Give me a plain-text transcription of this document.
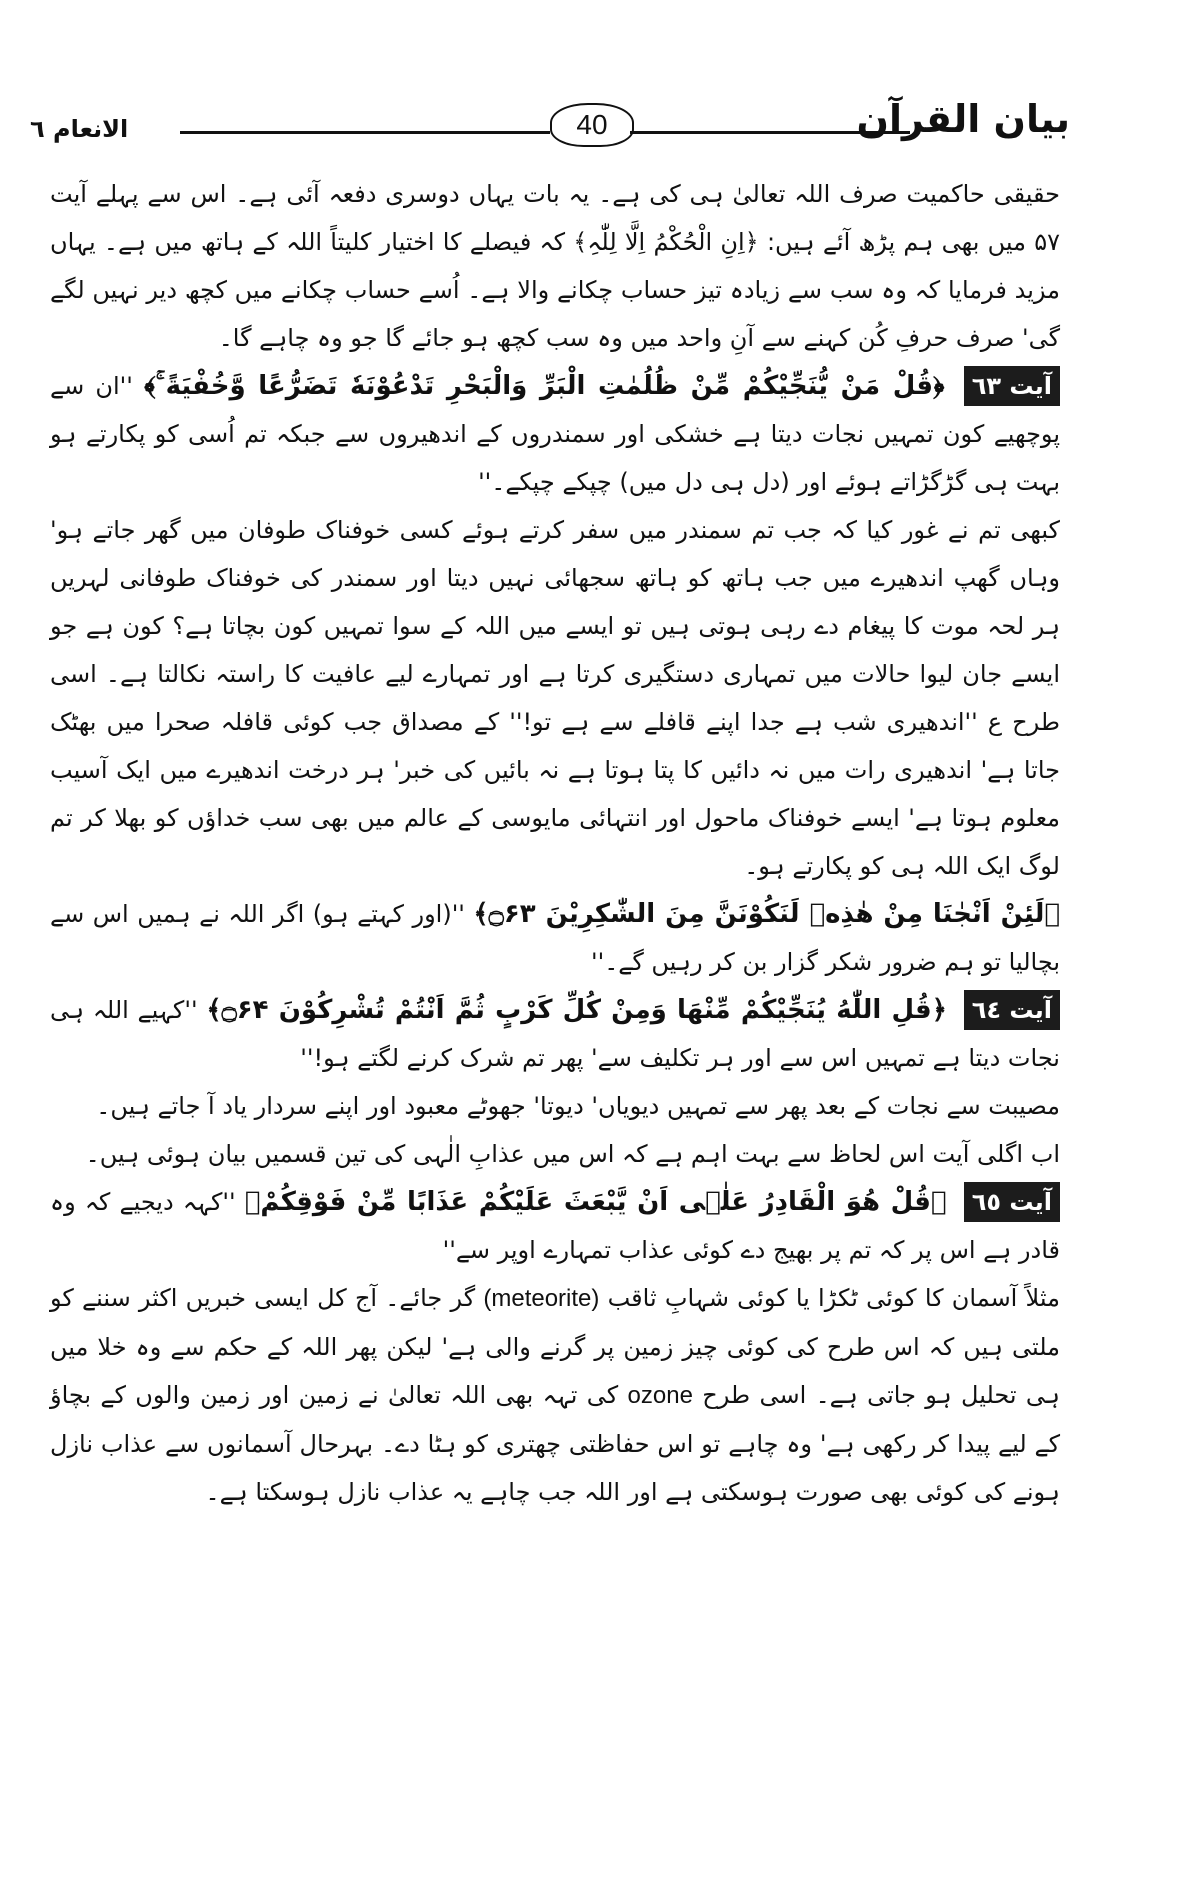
الانعام ٦	40	بیان القرآن

حقیقی حاکمیت صرف اللہ تعالیٰ ہی کی ہے۔ یہ بات یہاں دوسری دفعہ آئی ہے۔ اس سے پہلے آیت ۵۷ میں بھی ہم پڑھ آئے ہیں: ﴿اِنِ الْحُکْمُ اِلَّا لِلّٰہِ﴾ کہ فیصلے کا اختیار کلیتاً اللہ کے ہاتھ میں ہے۔ یہاں مزید فرمایا کہ وہ سب سے زیادہ تیز حساب چکانے والا ہے۔ اُسے حساب چکانے میں کچھ دیر نہیں لگے گی' صرف حرفِ کُن کہنے سے آنِ واحد میں وہ سب کچھ ہو جائے گا جو وہ چاہے گا۔

آیت ٦٣ ﴿قُلْ مَنْ یُّنَجِّیْکُمْ مِّنْ ظُلُمٰتِ الْبَرِّ وَالْبَحْرِ تَدْعُوْنَهٗ تَضَرُّعًا وَّخُفْیَةً ۚ﴾ ''ان سے پوچھیے کون تمہیں نجات دیتا ہے خشکی اور سمندروں کے اندھیروں سے جبکہ تم اُسی کو پکارتے ہو بہت ہی گڑگڑاتے ہوئے اور (دل ہی دل میں) چپکے چپکے۔''

کبھی تم نے غور کیا کہ جب تم سمندر میں سفر کرتے ہوئے کسی خوفناک طوفان میں گھر جاتے ہو' وہاں گھپ اندھیرے میں جب ہاتھ کو ہاتھ سجھائی نہیں دیتا اور سمندر کی خوفناک طوفانی لہریں ہر لحہ موت کا پیغام دے رہی ہوتی ہیں تو ایسے میں اللہ کے سوا تمہیں کون بچاتا ہے؟ کون ہے جو ایسے جان لیوا حالات میں تمہاری دستگیری کرتا ہے اور تمہارے لیے عافیت کا راستہ نکالتا ہے۔ اسی طرح ع ''اندھیری شب ہے جدا اپنے قافلے سے ہے تو!'' کے مصداق جب کوئی قافلہ صحرا میں بھٹک جاتا ہے' اندھیری رات میں نہ دائیں کا پتا ہوتا ہے نہ بائیں کی خبر' ہر درخت اندھیرے میں ایک آسیب معلوم ہوتا ہے' ایسے خوفناک ماحول اور انتہائی مایوسی کے عالم میں بھی سب خداؤں کو بھلا کر تم لوگ ایک اللہ ہی کو پکارتے ہو۔

﴿لَئِنْ اَنْجٰنَا مِنْ هٰذِهٖ لَنَکُوْنَنَّ مِنَ الشّٰکِرِیْنَ ۝۶۳﴾ ''(اور کہتے ہو) اگر اللہ نے ہمیں اس سے بچالیا تو ہم ضرور شکر گزار بن کر رہیں گے۔''

آیت ٦٤ ﴿قُلِ اللّٰهُ یُنَجِّیْکُمْ مِّنْهَا وَمِنْ کُلِّ کَرْبٍ ثُمَّ اَنْتُمْ تُشْرِکُوْنَ ۝۶۴﴾ ''کہیے اللہ ہی نجات دیتا ہے تمہیں اس سے اور ہر تکلیف سے' پھر تم شرک کرنے لگتے ہو!''

مصیبت سے نجات کے بعد پھر سے تمہیں دیویاں' دیوتا' جھوٹے معبود اور اپنے سردار یاد آ جاتے ہیں۔

اب اگلی آیت اس لحاظ سے بہت اہم ہے کہ اس میں عذابِ الٰہی کی تین قسمیں بیان ہوئی ہیں۔

آیت ٦٥ ﴿قُلْ هُوَ الْقَادِرُ عَلٰۤی اَنْ یَّبْعَثَ عَلَیْکُمْ عَذَابًا مِّنْ فَوْقِکُمْ﴾ ''کہہ دیجیے کہ وہ قادر ہے اس پر کہ تم پر بھیج دے کوئی عذاب تمہارے اوپر سے''

مثلاً آسمان کا کوئی ٹکڑا یا کوئی شہابِ ثاقب (meteorite) گر جائے۔ آج کل ایسی خبریں اکثر سننے کو ملتی ہیں کہ اس طرح کی کوئی چیز زمین پر گرنے والی ہے' لیکن پھر اللہ کے حکم سے وہ خلا میں ہی تحلیل ہو جاتی ہے۔ اسی طرح ozone کی تہہ بھی اللہ تعالیٰ نے زمین اور زمین والوں کے بچاؤ کے لیے پیدا کر رکھی ہے' وہ چاہے تو اس حفاظتی چھتری کو ہٹا دے۔ بہرحال آسمانوں سے عذاب نازل ہونے کی کوئی بھی صورت ہوسکتی ہے اور اللہ جب چاہے یہ عذاب نازل ہوسکتا ہے۔
